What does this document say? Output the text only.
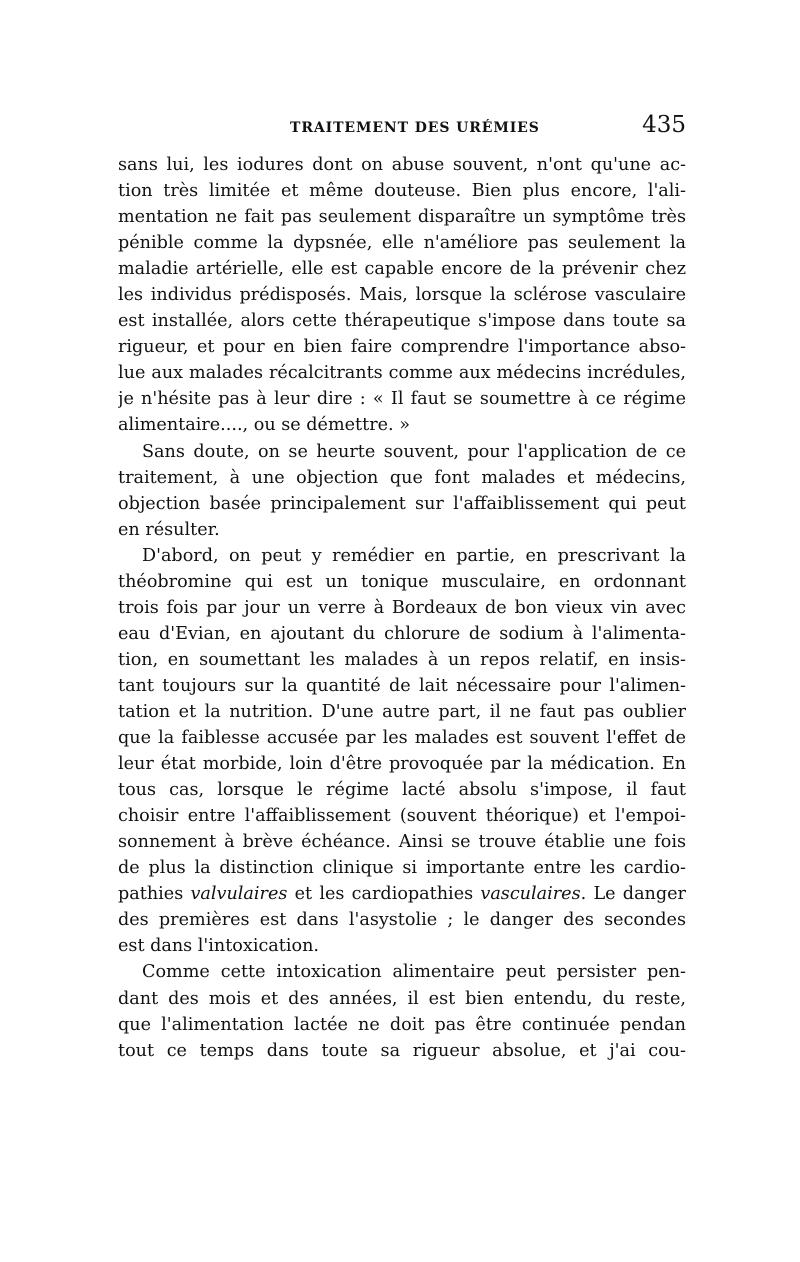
TRAITEMENT DES URÉMIES	435
sans lui, les iodures dont on abuse souvent, n'ont qu'une ac-
tion très limitée et même douteuse. Bien plus encore, l'ali-
mentation ne fait pas seulement disparaître un symptôme très
pénible comme la dypsnée, elle n'améliore pas seulement la
maladie artérielle, elle est capable encore de la prévenir chez
les individus prédisposés. Mais, lorsque la sclérose vasculaire
est installée, alors cette thérapeutique s'impose dans toute sa
rigueur, et pour en bien faire comprendre l'importance abso-
lue aux malades récalcitrants comme aux médecins incrédules,
je n'hésite pas à leur dire : « Il faut se soumettre à ce régime
alimentaire...., ou se démettre. »
Sans doute, on se heurte souvent, pour l'application de ce
traitement, à une objection que font malades et médecins,
objection basée principalement sur l'affaiblissement qui peut
en résulter.
D'abord, on peut y remédier en partie, en prescrivant la
théobromine qui est un tonique musculaire, en ordonnant
trois fois par jour un verre à Bordeaux de bon vieux vin avec
eau d'Evian, en ajoutant du chlorure de sodium à l'alimenta-
tion, en soumettant les malades à un repos relatif, en insis-
tant toujours sur la quantité de lait nécessaire pour l'alimen-
tation et la nutrition. D'une autre part, il ne faut pas oublier
que la faiblesse accusée par les malades est souvent l'effet de
leur état morbide, loin d'être provoquée par la médication. En
tous cas, lorsque le régime lacté absolu s'impose, il faut
choisir entre l'affaiblissement (souvent théorique) et l'empoi-
sonnement à brève échéance. Ainsi se trouve établie une fois
de plus la distinction clinique si importante entre les cardio-
pathies valvulaires et les cardiopathies vasculaires. Le danger
des premières est dans l'asystolie ; le danger des secondes
est dans l'intoxication.
Comme cette intoxication alimentaire peut persister pen-
dant des mois et des années, il est bien entendu, du reste,
que l'alimentation lactée ne doit pas être continuée pendan
tout ce temps dans toute sa rigueur absolue, et j'ai cou-
